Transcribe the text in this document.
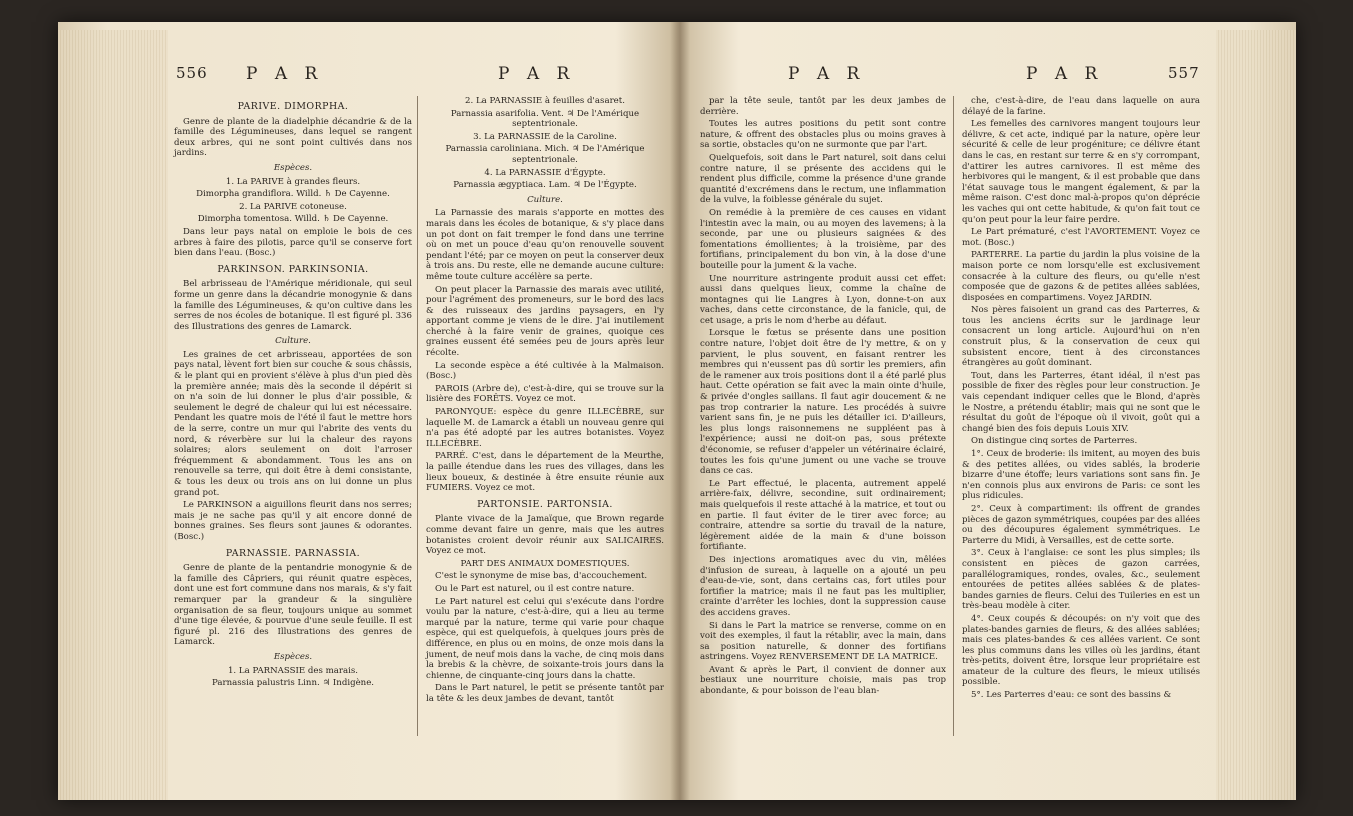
556 P A R	P A R

PARIVE. DIMORPHA.

Genre de plante de la diadelphie décandrie & de la famille des Légumineuses, dans lequel se rangent deux arbres, qui ne sont point cultivés dans nos jardins.

Espèces.

1. La PARIVE à grandes fleurs.

Dimorpha grandiflora. Willd. ♄ De Cayenne.

2. La PARIVE cotoneuse.

Dimorpha tomentosa. Willd. ♄ De Cayenne.

Dans leur pays natal on emploie le bois de ces arbres à faire des pilotis, parce qu'il se conserve fort bien dans l'eau. (Bosc.)

PARKINSON. PARKINSONIA.

Bel arbrisseau de l'Amérique méridionale, qui seul forme un genre dans la décandrie monogynie & dans la famille des Légumineuses, & qu'on cultive dans les serres de nos écoles de botanique. Il est figuré pl. 336 des Illustrations des genres de Lamarck.

Culture.

Les graines de cet arbrisseau, apportées de son pays natal, lèvent fort bien sur couche & sous châssis, & le plant qui en provient s'élève à plus d'un pied dès la première année; mais dès la seconde il dépérit si on n'a soin de lui donner le plus d'air possible, & seulement le degré de chaleur qui lui est nécessaire. Pendant les quatre mois de l'été il faut le mettre hors de la serre, contre un mur qui l'abrite des vents du nord, & réverbère sur lui la chaleur des rayons solaires; alors seulement on doit l'arroser fréquemment & abondamment. Tous les ans on renouvelle sa terre, qui doit être à demi consistante, & tous les deux ou trois ans on lui donne un plus grand pot.

Le PARKINSON a aiguillons fleurit dans nos serres; mais je ne sache pas qu'il y ait encore donné de bonnes graines. Ses fleurs sont jaunes & odorantes. (Bosc.)

PARNASSIE. PARNASSIA.

Genre de plante de la pentandrie monogynie & de la famille des Câpriers, qui réunit quatre espèces, dont une est fort commune dans nos marais, & s'y fait remarquer par la grandeur & la singulière organisation de sa fleur, toujours unique au sommet d'une tige élevée, & pourvue d'une seule feuille. Il est figuré pl. 216 des Illustrations des genres de Lamarck.

Espèces.

1. La PARNASSIE des marais.

Parnassia palustris Linn. ♃ Indigène.

2. La PARNASSIE à feuilles d'asaret.

Parnassia asarifolia. Vent. ♃ De l'Amérique septentrionale.

3. La PARNASSIE de la Caroline.

Parnassia caroliniana. Mich. ♃ De l'Amérique septentrionale.

4. La PARNASSIE d'Égypte.

Parnassia ægyptiaca. Lam. ♃ De l'Égypte.

Culture.

La Parnassie des marais s'apporte en mottes des marais dans les écoles de botanique, & s'y place dans un pot dont on fait tremper le fond dans une terrine où on met un pouce d'eau qu'on renouvelle souvent pendant l'été; par ce moyen on peut la conserver deux à trois ans. Du reste, elle ne demande aucune culture: même toute culture accélère sa perte.

On peut placer la Parnassie des marais avec utilité, pour l'agrément des promeneurs, sur le bord des lacs & des ruisseaux des jardins paysagers, en l'y apportant comme je viens de le dire. J'ai inutilement cherché à la faire venir de graines, quoique ces graines eussent été semées peu de jours après leur récolte.

La seconde espèce a été cultivée à la Malmaison. (Bosc.)

PAROIS (Arbre de), c'est-à-dire, qui se trouve sur la lisière des FORÊTS. Voyez ce mot.

PARONYQUE: espèce du genre ILLECÈBRE, sur laquelle M. de Lamarck a établi un nouveau genre qui n'a pas été adopté par les autres botanistes. Voyez ILLECÈBRE.

PARRÉ. C'est, dans le département de la Meurthe, la paille étendue dans les rues des villages, dans les lieux boueux, & destinée à être ensuite réunie aux FUMIERS. Voyez ce mot.

PARTONSIE. PARTONSIA.

Plante vivace de la Jamaïque, que Brown regarde comme devant faire un genre, mais que les autres botanistes croient devoir réunir aux SALICAIRES. Voyez ce mot.

PART DES ANIMAUX DOMESTIQUES.

C'est le synonyme de mise bas, d'accouchement.

Ou le Part est naturel, ou il est contre nature.

Le Part naturel est celui qui s'exécute dans l'ordre voulu par la nature, c'est-à-dire, qui a lieu au terme marqué par la nature, terme qui varie pour chaque espèce, qui est quelquefois, à quelques jours près de différence, en plus ou en moins, de onze mois dans la jument, de neuf mois dans la vache, de cinq mois dans la brebis & la chèvre, de soixante-trois jours dans la chienne, de cinquante-cinq jours dans la chatte.

Dans le Part naturel, le petit se présente tantôt par la tête & les deux jambes de devant, tantôt

P A R	P A R	557

par la tête seule, tantôt par les deux jambes de derrière.

Toutes les autres positions du petit sont contre nature, & offrent des obstacles plus ou moins graves à sa sortie, obstacles qu'on ne surmonte que par l'art.

Quelquefois, soit dans le Part naturel, soit dans celui contre nature, il se présente des accidens qui le rendent plus difficile, comme la présence d'une grande quantité d'excrémens dans le rectum, une inflammation de la vulve, la foiblesse générale du sujet.

On remédie à la première de ces causes en vidant l'intestin avec la main, ou au moyen des lavemens; à la seconde, par une ou plusieurs saignées & des fomentations émollientes; à la troisième, par des fortifians, principalement du bon vin, à la dose d'une bouteille pour la jument & la vache.

Une nourriture astringente produit aussi cet effet: aussi dans quelques lieux, comme la chaîne de montagnes qui lie Langres à Lyon, donne-t-on aux vaches, dans cette circonstance, de la fanicle, qui, de cet usage, a pris le nom d'herbe au défaut.

Lorsque le fœtus se présente dans une position contre nature, l'objet doit être de l'y mettre, & on y parvient, le plus souvent, en faisant rentrer les membres qui n'eussent pas dû sortir les premiers, afin de le ramener aux trois positions dont il a été parlé plus haut. Cette opération se fait avec la main ointe d'huile, & privée d'ongles saillans. Il faut agir doucement & ne pas trop contrarier la nature. Les procédés à suivre varient sans fin, je ne puis les détailler ici. D'ailleurs, les plus longs raisonnemens ne suppléent pas à l'expérience; aussi ne doit-on pas, sous prétexte d'économie, se refuser d'appeler un vétérinaire éclairé, toutes les fois qu'une jument ou une vache se trouve dans ce cas.

Le Part effectué, le placenta, autrement appelé arrière-faix, délivre, secondine, suit ordinairement; mais quelquefois il reste attaché à la matrice, et tout ou en partie. Il faut éviter de le tirer avec force; au contraire, attendre sa sortie du travail de la nature, légèrement aidée de la main & d'une boisson fortifiante.

Des injections aromatiques avec du vin, mêlées d'infusion de sureau, à laquelle on a ajouté un peu d'eau-de-vie, sont, dans certains cas, fort utiles pour fortifier la matrice; mais il ne faut pas les multiplier, crainte d'arrêter les lochies, dont la suppression cause des accidens graves.

Si dans le Part la matrice se renverse, comme on en voit des exemples, il faut la rétablir, avec la main, dans sa position naturelle, & donner des fortifians astringens. Voyez RENVERSEMENT DE LA MATRICE.

Avant & après le Part, il convient de donner aux bestiaux une nourriture choisie, mais pas trop abondante, & pour boisson de l'eau blan-

che, c'est-à-dire, de l'eau dans laquelle on aura délayé de la farine.

Les femelles des carnivores mangent toujours leur délivre, & cet acte, indiqué par la nature, opère leur sécurité & celle de leur progéniture; ce délivre étant dans le cas, en restant sur terre & en s'y corrompant, d'attirer les autres carnivores. Il est même des herbivores qui le mangent, & il est probable que dans l'état sauvage tous le mangent également, & par la même raison. C'est donc mal-à-propos qu'on déprécie les vaches qui ont cette habitude, & qu'on fait tout ce qu'on peut pour la leur faire perdre.

Le Part prématuré, c'est l'AVORTEMENT. Voyez ce mot. (Bosc.)

PARTERRE. La partie du jardin la plus voisine de la maison porte ce nom lorsqu'elle est exclusivement consacrée à la culture des fleurs, ou qu'elle n'est composée que de gazons & de petites allées sablées, disposées en compartimens. Voyez JARDIN.

Nos pères faisoient un grand cas des Parterres, & tous les anciens écrits sur le jardinage leur consacrent un long article. Aujourd'hui on n'en construit plus, & la conservation de ceux qui subsistent encore, tient à des circonstances étrangères au goût dominant.

Tout, dans les Parterres, étant idéal, il n'est pas possible de fixer des règles pour leur construction. Je vais cependant indiquer celles que le Blond, d'après le Nostre, a prétendu établir; mais qui ne sont que le résultat du goût de l'époque où il vivoit, goût qui a changé bien des fois depuis Louis XIV.

On distingue cinq sortes de Parterres.

1°. Ceux de broderie: ils imitent, au moyen des buis & des petites allées, ou vides sablés, la broderie bizarre d'une étoffe; leurs variations sont sans fin. Je n'en connois plus aux environs de Paris: ce sont les plus ridicules.

2°. Ceux à compartiment: ils offrent de grandes pièces de gazon symmétriques, coupées par des allées ou des découpures également symmétriques. Le Parterre du Midi, à Versailles, est de cette sorte.

3°. Ceux à l'anglaise: ce sont les plus simples; ils consistent en pièces de gazon carrées, parallélogramiques, rondes, ovales, &c., seulement entourées de petites allées sablées & de plates-bandes garnies de fleurs. Celui des Tuileries en est un très-beau modèle à citer.

4°. Ceux coupés & découpés: on n'y voit que des plates-bandes garnies de fleurs, & des allées sablées; mais ces plates-bandes & ces allées varient. Ce sont les plus communs dans les villes où les jardins, étant très-petits, doivent être, lorsque leur propriétaire est amateur de la culture des fleurs, le mieux utilisés possible.

5°. Les Parterres d'eau: ce sont des bassins &
